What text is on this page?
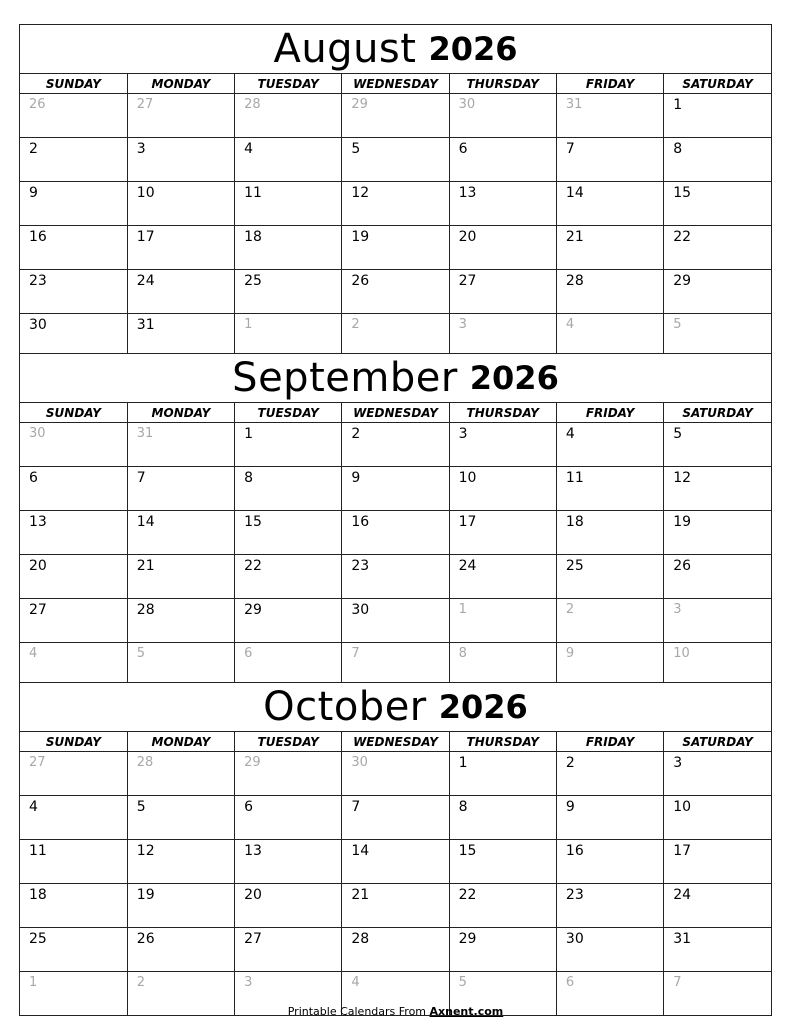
August 2026
SUNDAY	MONDAY	TUESDAY	WEDNESDAY	THURSDAY	FRIDAY	SATURDAY
26	27	28	29	30	31	1
2	3	4	5	6	7	8
9	10	11	12	13	14	15
16	17	18	19	20	21	22
23	24	25	26	27	28	29
30	31	1	2	3	4	5
September 2026
SUNDAY	MONDAY	TUESDAY	WEDNESDAY	THURSDAY	FRIDAY	SATURDAY
30	31	1	2	3	4	5
6	7	8	9	10	11	12
13	14	15	16	17	18	19
20	21	22	23	24	25	26
27	28	29	30	1	2	3
4	5	6	7	8	9	10
October 2026
SUNDAY	MONDAY	TUESDAY	WEDNESDAY	THURSDAY	FRIDAY	SATURDAY
27	28	29	30	1	2	3
4	5	6	7	8	9	10
11	12	13	14	15	16	17
18	19	20	21	22	23	24
25	26	27	28	29	30	31
1	2	3	4	5	6	7
Printable Calendars From Axnent.com
